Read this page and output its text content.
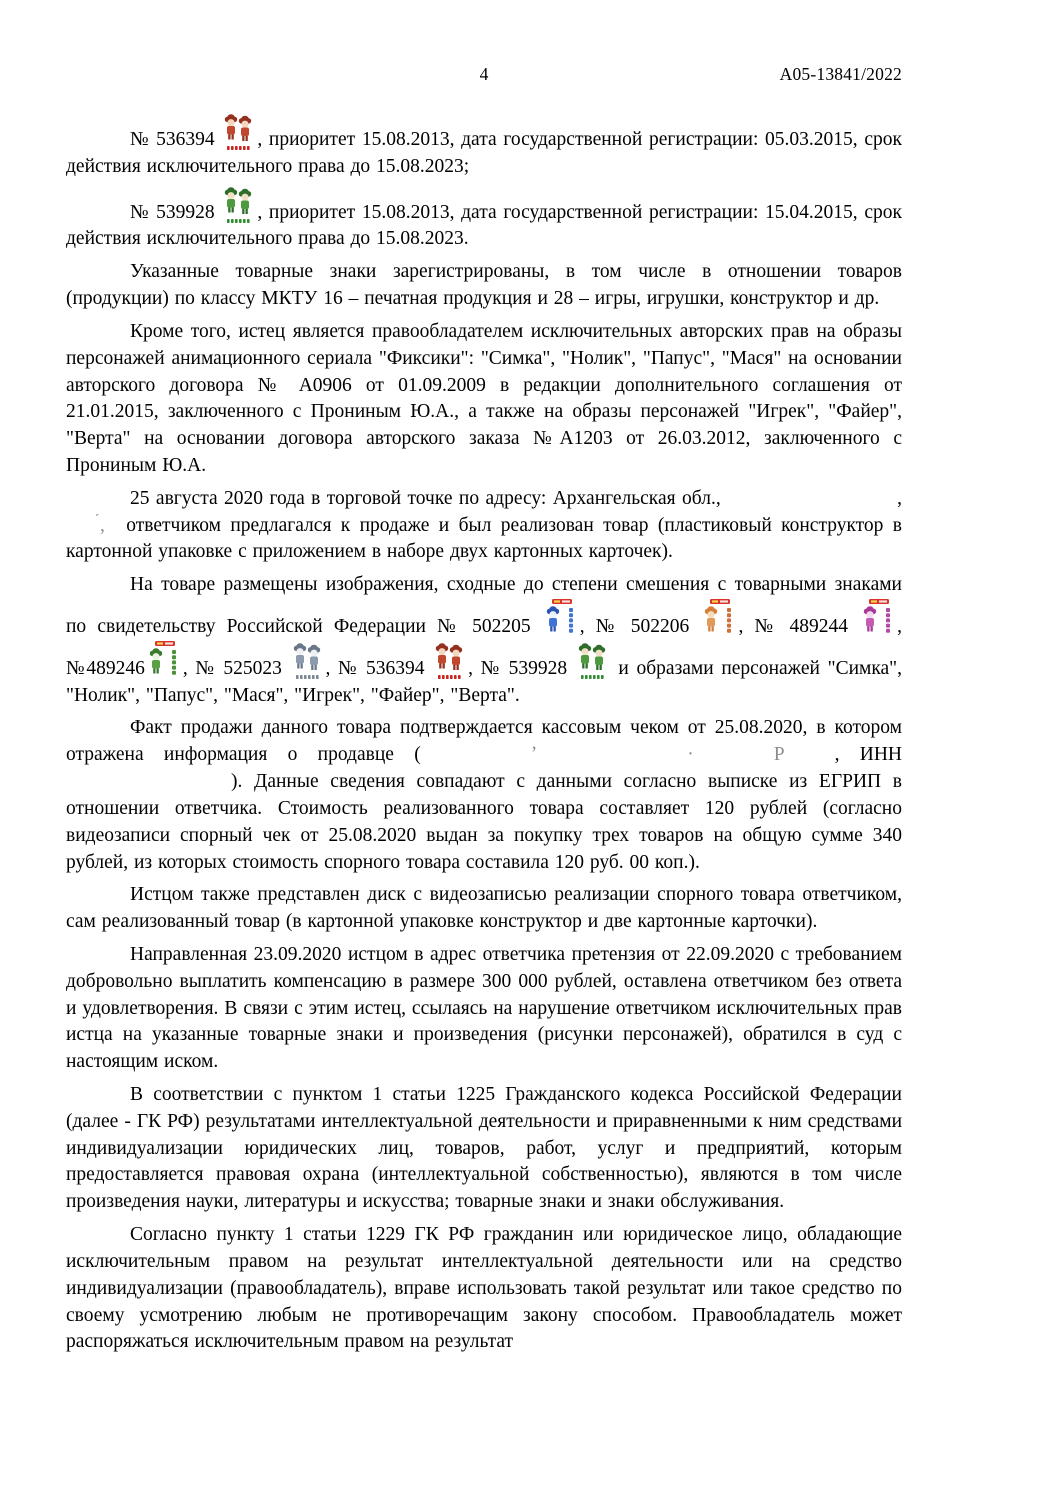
4	А05-13841/2022

№ 536394 , приоритет 15.08.2013, дата государственной регистрации: 05.03.2015, срок действия исключительного права до 15.08.2023;

№ 539928 , приоритет 15.08.2013, дата государственной регистрации: 15.04.2015, срок действия исключительного права до 15.08.2023.

Указанные товарные знаки зарегистрированы, в том числе в отношении товаров (продукции) по классу МКТУ 16 – печатная продукция и 28 – игры, игрушки, конструктор и др.

Кроме того, истец является правообладателем исключительных авторских прав на образы персонажей анимационного сериала "Фиксики": "Симка", "Нолик", "Папус", "Мася" на основании авторского договора № А0906 от 01.09.2009 в редакции дополнительного соглашения от 21.01.2015, заключенного с Прониным Ю.А., а также на образы персонажей "Игрек", "Файер", "Верта" на основании договора авторского заказа №А1203 от 26.03.2012, заключенного с Прониным Ю.А.

25 августа 2020 года в торговой точке по адресу: Архангельская обл.,	, ́, ответчиком предлагался к продаже и был реализован товар (пластиковый конструктор в картонной упаковке с приложением в наборе двух картонных карточек).

На товаре размещены изображения, сходные до степени смешения с товарными знаками по свидетельству Российской Федерации № 502205 , № 502206 , № 489244 , №489246 , № 525023 , № 536394 , № 539928  и образами персонажей "Симка", "Нолик", "Папус", "Мася", "Игрек", "Файер", "Верта".

Факт продажи данного товара подтверждается кассовым чеком от 25.08.2020, в котором отражена информация о продавце (	ʼ	·	Р	, ИНН ). Данные сведения совпадают с данными согласно выписке из ЕГРИП в отношении ответчика. Стоимость реализованного товара составляет 120 рублей (согласно видеозаписи спорный чек от 25.08.2020 выдан за покупку трех товаров на общую сумме 340 рублей, из которых стоимость спорного товара составила 120 руб. 00 коп.).

Истцом также представлен диск с видеозаписью реализации спорного товара ответчиком, сам реализованный товар (в картонной упаковке конструктор и две картонные карточки).

Направленная 23.09.2020 истцом в адрес ответчика претензия от 22.09.2020 с требованием добровольно выплатить компенсацию в размере 300 000 рублей, оставлена ответчиком без ответа и удовлетворения. В связи с этим истец, ссылаясь на нарушение ответчиком исключительных прав истца на указанные товарные знаки и произведения (рисунки персонажей), обратился в суд с настоящим иском.

В соответствии с пунктом 1 статьи 1225 Гражданского кодекса Российской Федерации (далее - ГК РФ) результатами интеллектуальной деятельности и приравненными к ним средствами индивидуализации юридических лиц, товаров, работ, услуг и предприятий, которым предоставляется правовая охрана (интеллектуальной собственностью), являются в том числе произведения науки, литературы и искусства; товарные знаки и знаки обслуживания.

Согласно пункту 1 статьи 1229 ГК РФ гражданин или юридическое лицо, обладающие исключительным правом на результат интеллектуальной деятельности или на средство индивидуализации (правообладатель), вправе использовать такой результат или такое средство по своему усмотрению любым не противоречащим закону способом. Правообладатель может распоряжаться исключительным правом на результат
